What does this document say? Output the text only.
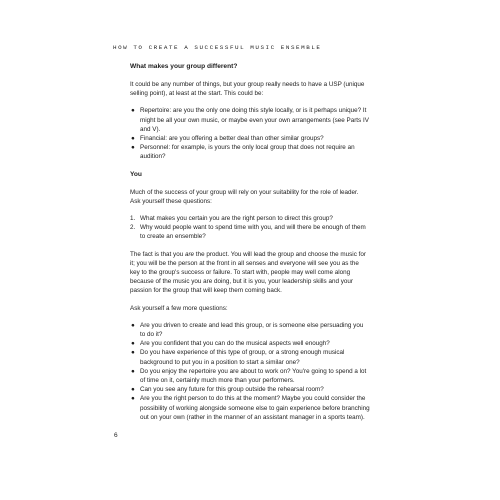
HOW TO CREATE A SUCCESSFUL MUSIC ENSEMBLE
What makes your group different?

It could be any number of things, but your group really needs to have a USP (unique selling point), at least at the start. This could be:

● Repertoire: are you the only one doing this style locally, or is it perhaps unique? It might be all your own music, or maybe even your own arrangements (see Parts IV and V).
● Financial: are you offering a better deal than other similar groups?
● Personnel: for example, is yours the only local group that does not require an audition?
You

Much of the success of your group will rely on your suitability for the role of leader. Ask yourself these questions:

1. What makes you certain you are the right person to direct this group?
2. Why would people want to spend time with you, and will there be enough of them to create an ensemble?

The fact is that you are the product. You will lead the group and choose the music for it; you will be the person at the front in all senses and everyone will see you as the key to the group's success or failure. To start with, people may well come along because of the music you are doing, but it is you, your leadership skills and your passion for the group that will keep them coming back.

Ask yourself a few more questions:

● Are you driven to create and lead this group, or is someone else persuading you to do it?
● Are you confident that you can do the musical aspects well enough?
● Do you have experience of this type of group, or a strong enough musical background to put you in a position to start a similar one?
● Do you enjoy the repertoire you are about to work on? You're going to spend a lot of time on it, certainly much more than your performers.
● Can you see any future for this group outside the rehearsal room?
● Are you the right person to do this at the moment? Maybe you could consider the possibility of working alongside someone else to gain experience before branching out on your own (rather in the manner of an assistant manager in a sports team).
6
